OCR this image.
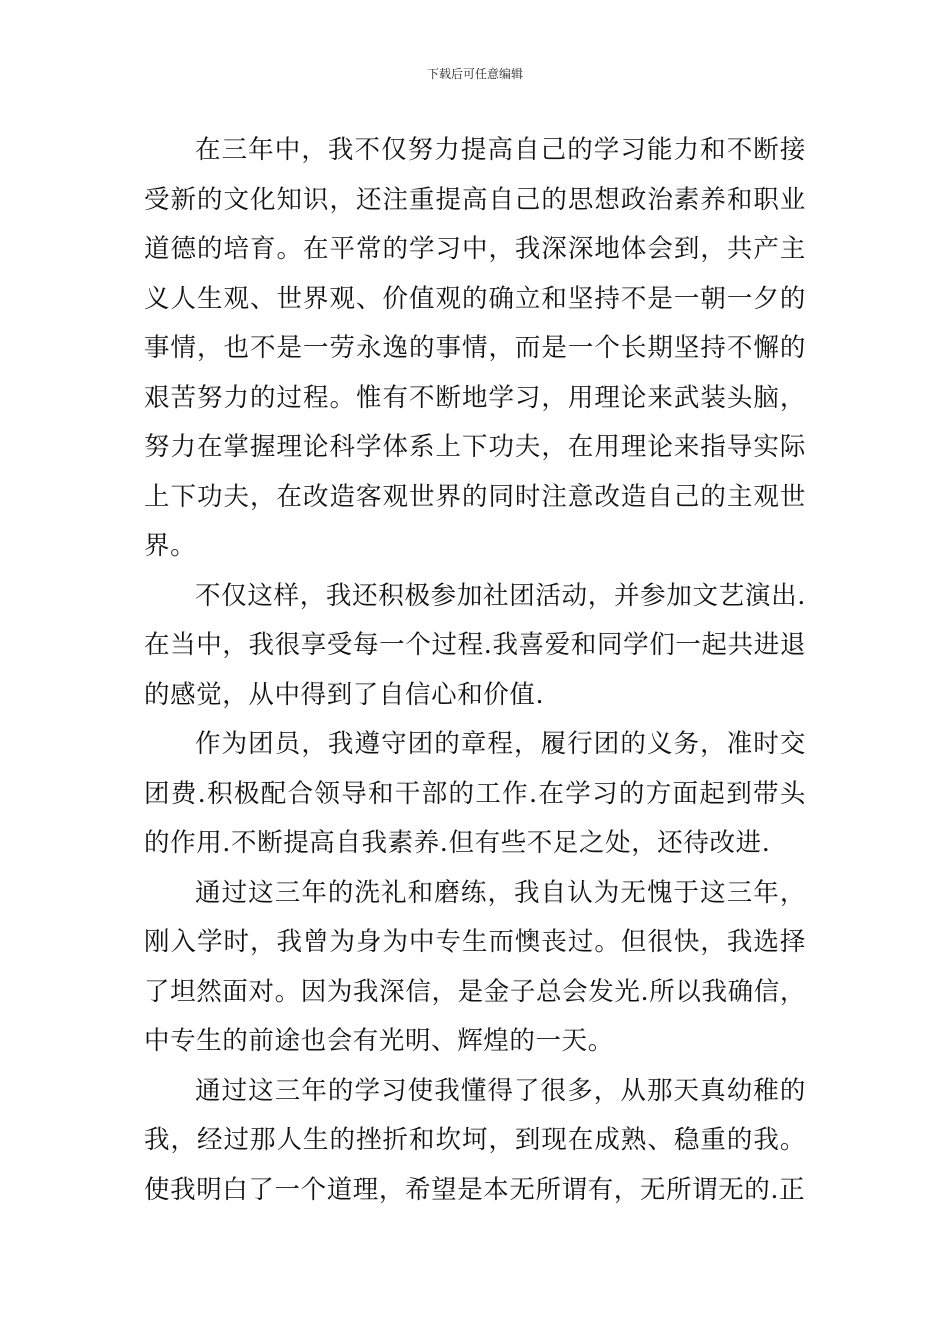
下载后可任意编辑

在三年中，我不仅努力提高自己的学习能力和不断接受新的文化知识，还注重提高自己的思想政治素养和职业道德的培育。在平常的学习中，我深深地体会到，共产主义人生观、世界观、价值观的确立和坚持不是一朝一夕的事情，也不是一劳永逸的事情，而是一个长期坚持不懈的艰苦努力的过程。惟有不断地学习，用理论来武装头脑，努力在掌握理论科学体系上下功夫，在用理论来指导实际上下功夫，在改造客观世界的同时注意改造自己的主观世界。

不仅这样，我还积极参加社团活动，并参加文艺演出.在当中，我很享受每一个过程.我喜爱和同学们一起共进退的感觉，从中得到了自信心和价值.

作为团员，我遵守团的章程，履行团的义务，准时交团费.积极配合领导和干部的工作.在学习的方面起到带头的作用.不断提高自我素养.但有些不足之处，还待改进.

通过这三年的洗礼和磨练，我自认为无愧于这三年，刚入学时，我曾为身为中专生而懊丧过。但很快，我选择了坦然面对。因为我深信，是金子总会发光.所以我确信，中专生的前途也会有光明、辉煌的一天。

通过这三年的学习使我懂得了很多，从那天真幼稚的我，经过那人生的挫折和坎坷，到现在成熟、稳重的我。使我明白了一个道理，希望是本无所谓有，无所谓无的.正
